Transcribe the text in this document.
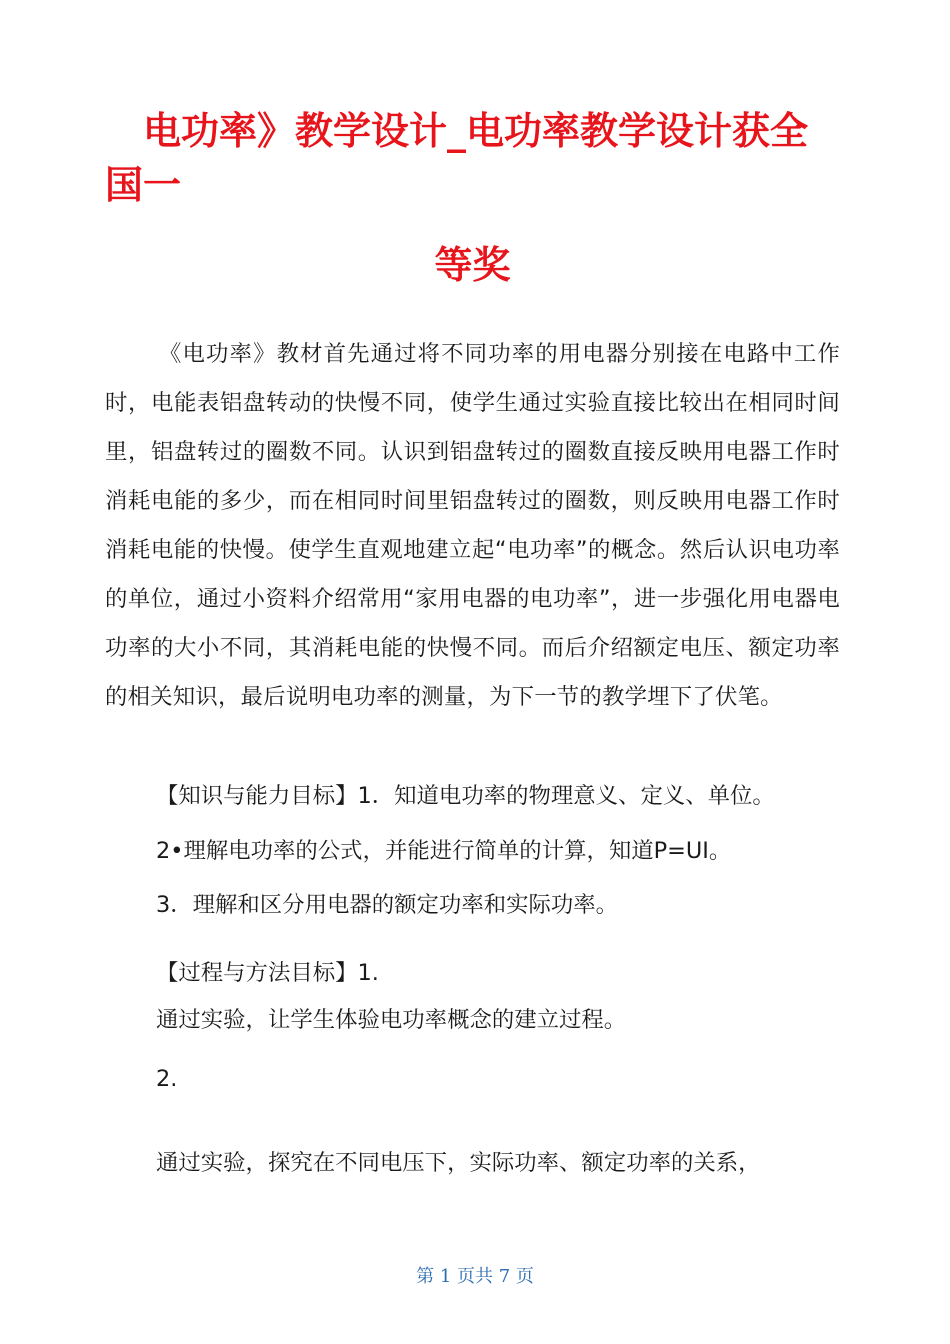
电功率》教学设计_电功率教学设计获全国一
等奖

《电功率》教材首先通过将不同功率的用电器分别接在电路中工作时，电能表铝盘转动的快慢不同，使学生通过实验直接比较出在相同时间里，铝盘转过的圈数不同。认识到铝盘转过的圈数直接反映用电器工作时消耗电能的多少，而在相同时间里铝盘转过的圈数，则反映用电器工作时消耗电能的快慢。使学生直观地建立起“电功率”的概念。然后认识电功率的单位，通过小资料介绍常用“家用电器的电功率”，进一步强化用电器电功率的大小不同，其消耗电能的快慢不同。而后介绍额定电压、额定功率的相关知识，最后说明电功率的测量，为下一节的教学埋下了伏笔。

【知识与能力目标】1．知道电功率的物理意义、定义、单位。
2•理解电功率的公式，并能进行简单的计算，知道P=UI。
3．理解和区分用电器的额定功率和实际功率。
【过程与方法目标】1.
通过实验，让学生体验电功率概念的建立过程。
2.
通过实验，探究在不同电压下，实际功率、额定功率的关系，
第 1 页共 7 页
